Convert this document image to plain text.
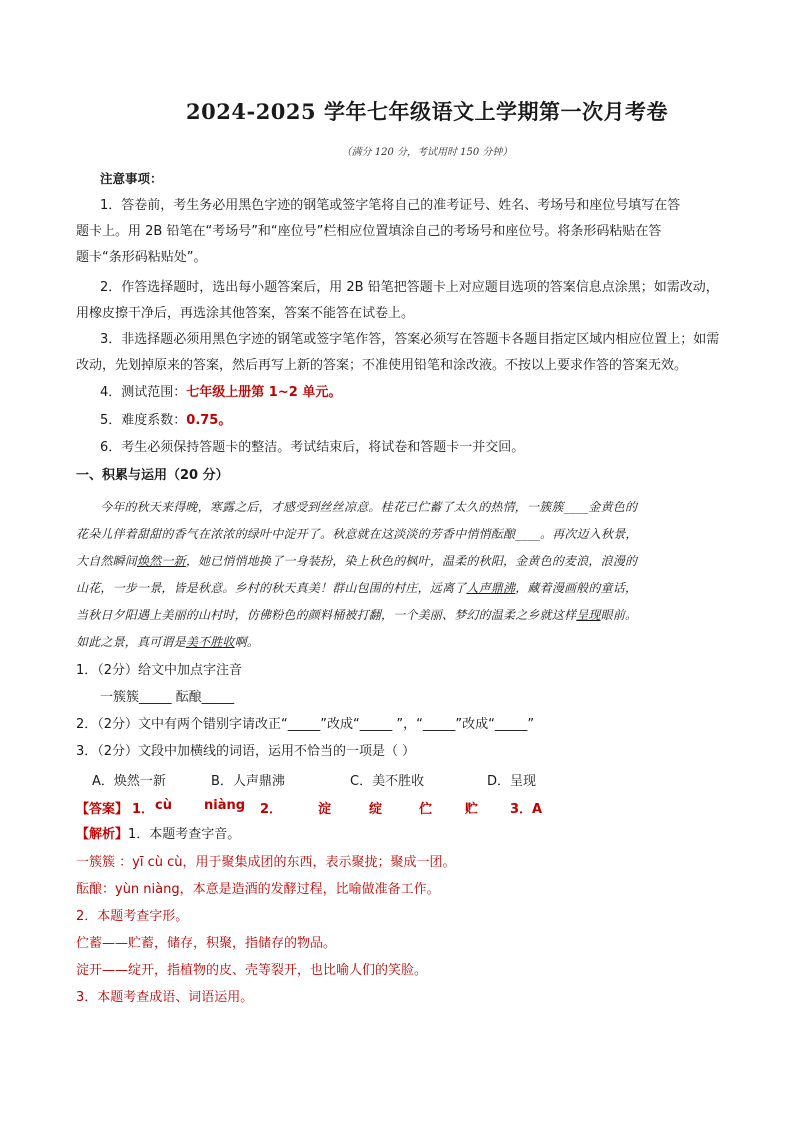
2024-2025 学年七年级语文上学期第一次月考卷
（满分 120 分，考试用时 150 分钟）
注意事项：
1．答卷前，考生务必用黑色字迹的钢笔或签字笔将自己的准考证号、姓名、考场号和座位号填写在答
题卡上。用 2B 铅笔在“考场号”和“座位号”栏相应位置填涂自己的考场号和座位号。将条形码粘贴在答
题卡“条形码粘贴处”。
2．作答选择题时，选出每小题答案后，用 2B 铅笔把答题卡上对应题目选项的答案信息点涂黑；如需改动，
用橡皮擦干净后，再选涂其他答案，答案不能答在试卷上。
3．非选择题必须用黑色字迹的钢笔或签字笔作答，答案必须写在答题卡各题目指定区域内相应位置上；如需
改动，先划掉原来的答案，然后再写上新的答案；不准使用铅笔和涂改液。不按以上要求作答的答案无效。
4．测试范围：七年级上册第 1~2 单元。
5．难度系数：0.75。
6．考生必须保持答题卡的整洁。考试结束后，将试卷和答题卡一并交回。
一、积累与运用（20 分）
今年的秋天来得晚，寒露之后，才感受到丝丝凉意。桂花已伫蓄了太久的热情，一簇簇____金黄色的
花朵儿伴着甜甜的香气在浓浓的绿叶中淀开了。秋意就在这淡淡的芳香中悄悄酝酿____。再次迈入秋景，
大自然瞬间焕然一新，她已悄悄地换了一身装扮，染上秋色的枫叶，温柔的秋阳，金黄色的麦浪，浪漫的
山花，一步一景，皆是秋意。乡村的秋天真美！群山包围的村庄，远离了人声鼎沸，藏着漫画般的童话，
当秋日夕阳遇上美丽的山村时，仿佛粉色的颜料桶被打翻，一个美丽、梦幻的温柔之乡就这样呈现眼前。
如此之景，真可谓是美不胜收啊。
1．（2分）给文中加点字注音
一簇簇_____ 酝酿_____
2．（2分）文中有两个错别字请改正“_____”改成“_____ ”，“_____”改成“_____”
3．（2分）文段中加横线的词语，运用不恰当的一项是（ ）
A．焕然一新	B．人声鼎沸	C．美不胜收	D．呈现
【答案】 1． cù niàng 2．	淀	绽	伫	贮 3．A
【解析】1．本题考查字音。
一簇簇 ：yī cù cù，用于聚集成团的东西，表示聚拢；聚成一团。
酝酿：yùn niàng，本意是造酒的发酵过程，比喻做准备工作。
2．本题考查字形。
伫蓄——贮蓄，储存，积聚，指储存的物品。
淀开——绽开，指植物的皮、壳等裂开，也比喻人们的笑脸。
3．本题考查成语、词语运用。
